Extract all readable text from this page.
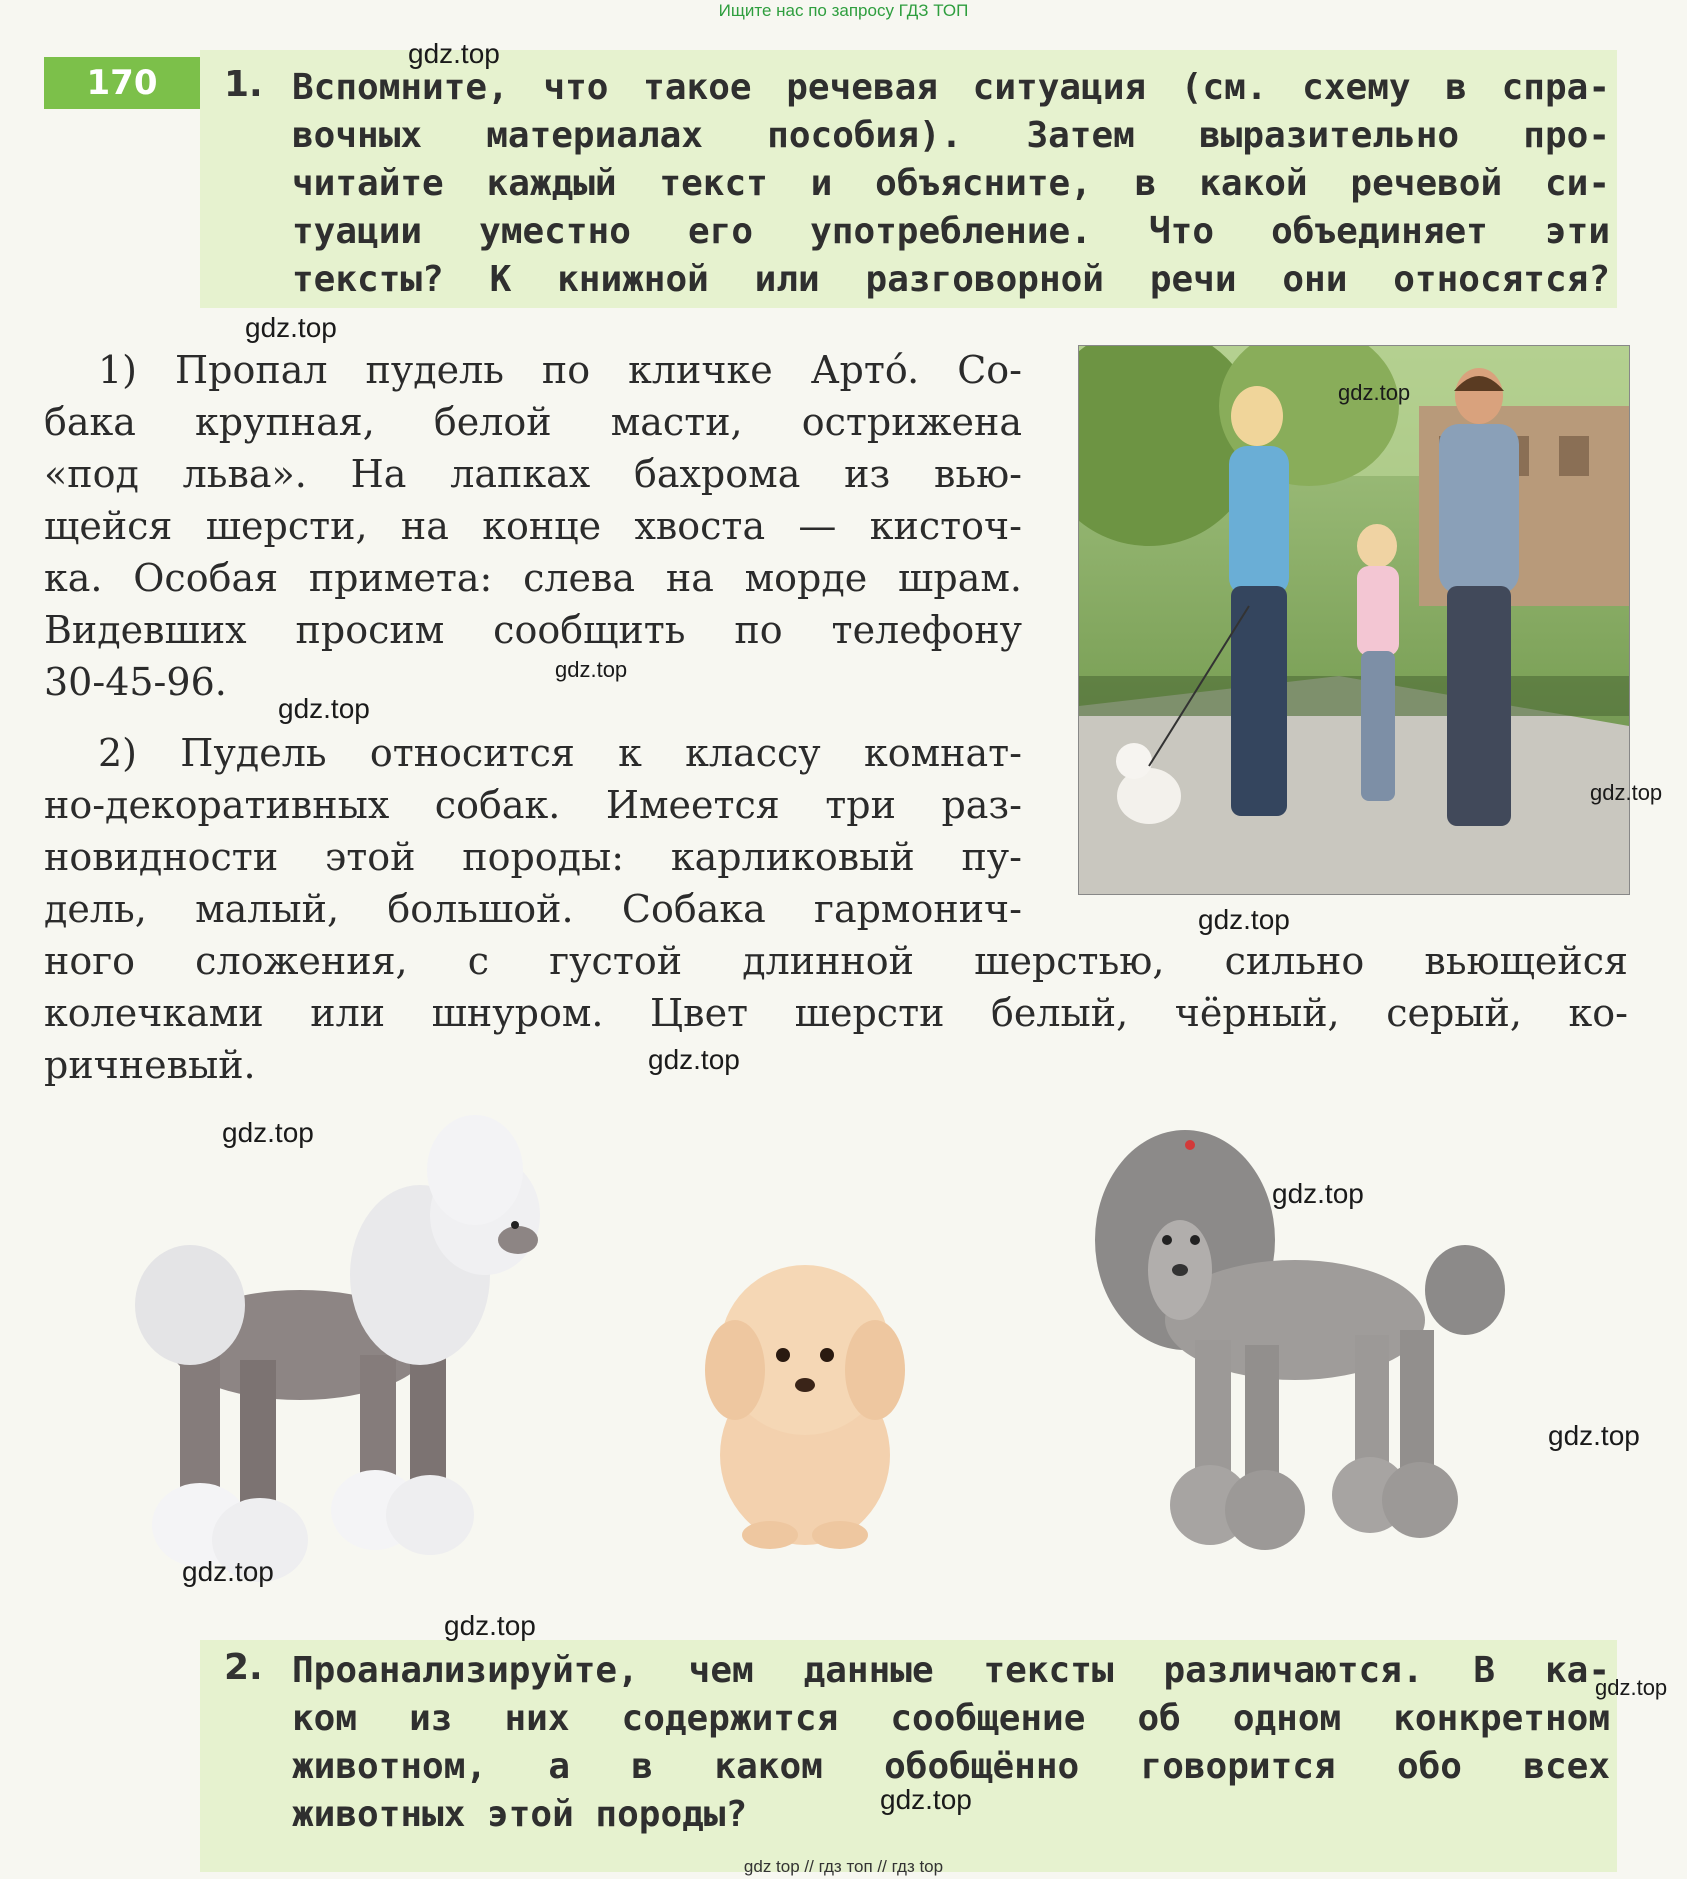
Ищите нас по запросу ГДЗ ТОП
170	1. Вспомните, что такое речевая ситуация (см. схему в спра-
вочных материалах пособия). Затем выразительно про-
читайте каждый текст и объясните, в какой речевой си-
туации уместно его употребление. Что объединяет эти
тексты? К книжной или разговорной речи они относятся?
1) Пропал пудель по кличке Артó. Со-
бака крупная, белой масти, острижена
«под льва». На лапках бахрома из вью-
щейся шерсти, на конце хвоста — кисточ-
ка. Особая примета: слева на морде шрам.
Видевших просим сообщить по телефону
30-45-96.
2) Пудель относится к классу комнат-
но-декоративных собак. Имеется три раз-
новидности этой породы: карликовый пу-
дель, малый, большой. Собака гармонич-
ного сложения, с густой длинной шерстью, сильно вьющейся
колечками или шнуром. Цвет шерсти белый, чёрный, серый, ко-
ричневый.
2. Проанализируйте, чем данные тексты различаются. В ка-
ком из них содержится сообщение об одном конкретном
животном, а в каком обобщённо говорится обо всех
животных этой породы?
gdz.top
gdz.top
gdz.top
gdz.top
gdz.top
gdz.top
gdz.top
gdz.top
gdz.top
gdz.top
gdz.top
gdz.top
gdz.top
gdz.top
gdz.top
gdz top // гдз топ // гдз top
